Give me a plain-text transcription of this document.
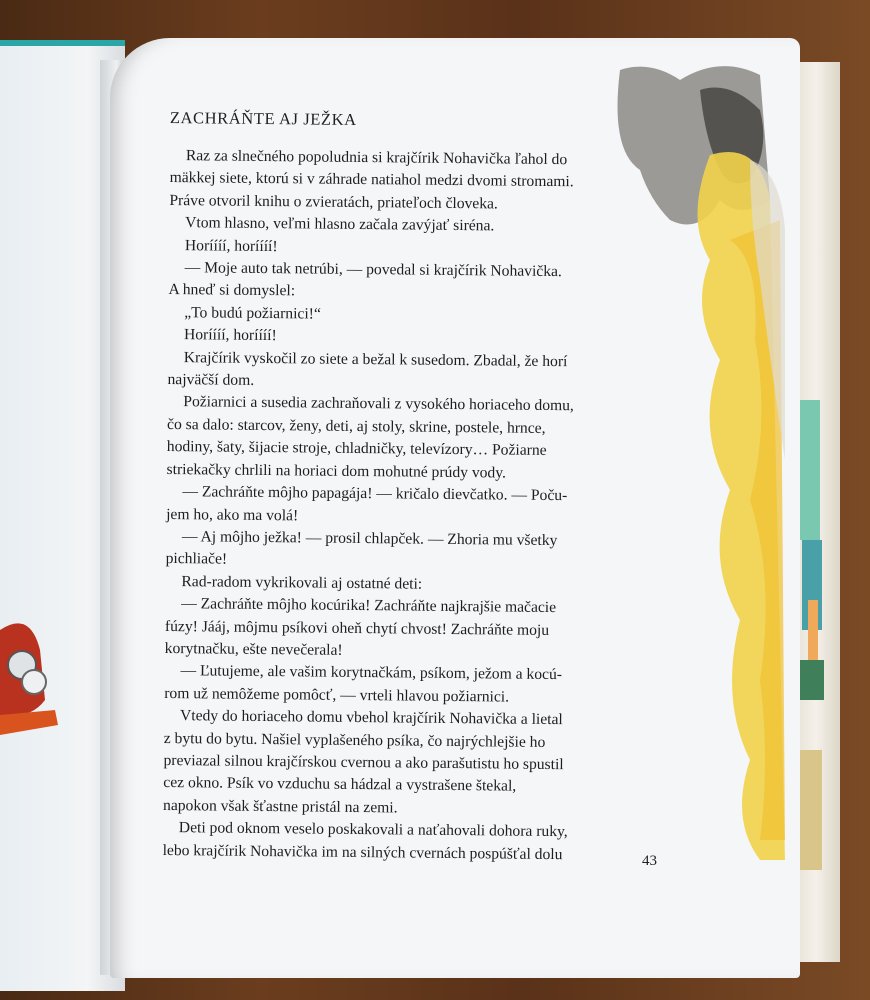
ZACHRÁŇTE AJ JEŽKA
Raz za slnečného popoludnia si krajčírik Nohavička ľahol do
mäkkej siete, ktorú si v záhrade natiahol medzi dvomi stromami.
Práve otvoril knihu o zvieratách, priateľoch človeka.
Vtom hlasno, veľmi hlasno začala zavýjať siréna.
Horíííí, horíííí!
— Moje auto tak netrúbi, — povedal si krajčírik Nohavička.
A hneď si domyslel:
„To budú požiarnici!“
Horíííí, horíííí!
Krajčírik vyskočil zo siete a bežal k susedom. Zbadal, že horí
najväčší dom.
Požiarnici a susedia zachraňovali z vysokého horiaceho domu,
čo sa dalo: starcov, ženy, deti, aj stoly, skrine, postele, hrnce,
hodiny, šaty, šijacie stroje, chladničky, televízory… Požiarne
striekačky chrlili na horiaci dom mohutné prúdy vody.
— Zachráňte môjho papagája! — kričalo dievčatko. — Poču-
jem ho, ako ma volá!
— Aj môjho ježka! — prosil chlapček. — Zhoria mu všetky
pichliače!
Rad-radom vykrikovali aj ostatné deti:
— Zachráňte môjho kocúrika! Zachráňte najkrajšie mačacie
fúzy! Jááj, môjmu psíkovi oheň chytí chvost! Zachráňte moju
korytnačku, ešte nevečerala!
— Ľutujeme, ale vašim korytnačkám, psíkom, ježom a kocú-
rom už nemôžeme pomôcť, — vrteli hlavou požiarnici.
Vtedy do horiaceho domu vbehol krajčírik Nohavička a lietal
z bytu do bytu. Našiel vyplašeného psíka, čo najrýchlejšie ho
previazal silnou krajčírskou cvernou a ako parašutistu ho spustil
cez okno. Psík vo vzduchu sa hádzal a vystrašene štekal,
napokon však šťastne pristál na zemi.
Deti pod oknom veselo poskakovali a naťahovali dohora ruky,
lebo krajčírik Nohavička im na silných cvernách pospúšťal dolu	43
